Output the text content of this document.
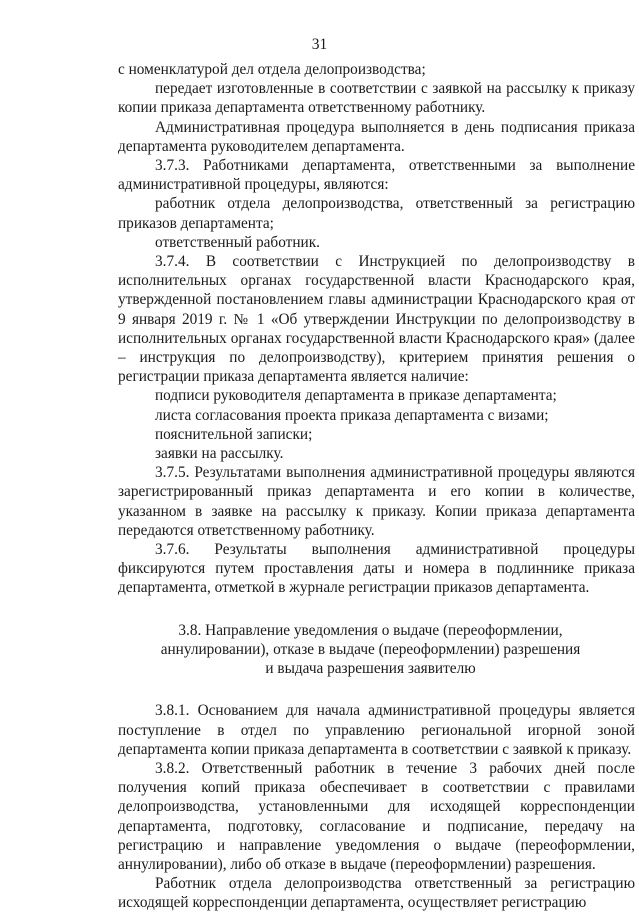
31

с номенклатурой дел отдела делопроизводства;

передает изготовленные в соответствии с заявкой на рассылку к приказу копии приказа департамента ответственному работнику.

Административная процедура выполняется в день подписания приказа департамента руководителем департамента.

3.7.3. Работниками департамента, ответственными за выполнение административной процедуры, являются:

работник отдела делопроизводства, ответственный за регистрацию приказов департамента;

ответственный работник.

3.7.4. В соответствии с Инструкцией по делопроизводству в исполнительных органах государственной власти Краснодарского края, утвержденной постановлением главы администрации Краснодарского края от 9 января 2019 г. № 1 «Об утверждении Инструкции по делопроизводству в исполнительных органах государственной власти Краснодарского края» (далее – инструкция по делопроизводству), критерием принятия решения о регистрации приказа департамента является наличие:

подписи руководителя департамента в приказе департамента;

листа согласования проекта приказа департамента с визами;

пояснительной записки;

заявки на рассылку.

3.7.5. Результатами выполнения административной процедуры являются зарегистрированный приказ департамента и его копии в количестве, указанном в заявке на рассылку к приказу. Копии приказа департамента передаются ответственному работнику.

3.7.6. Результаты выполнения административной процедуры фиксируются путем проставления даты и номера в подлиннике приказа департамента, отметкой в журнале регистрации приказов департамента.

3.8. Направление уведомления о выдаче (переоформлении,
аннулировании), отказе в выдаче (переоформлении) разрешения
и выдача разрешения заявителю

3.8.1. Основанием для начала административной процедуры является поступление в отдел по управлению региональной игорной зоной департамента копии приказа департамента в соответствии с заявкой к приказу.

3.8.2. Ответственный работник в течение 3 рабочих дней после получения копий приказа обеспечивает в соответствии с правилами делопроизводства, установленными для исходящей корреспонденции департамента, подготовку, согласование и подписание, передачу на регистрацию и направление уведомления о выдаче (переоформлении, аннулировании), либо об отказе в выдаче (переоформлении) разрешения.

Работник отдела делопроизводства ответственный за регистрацию исходящей корреспонденции департамента, осуществляет регистрацию
